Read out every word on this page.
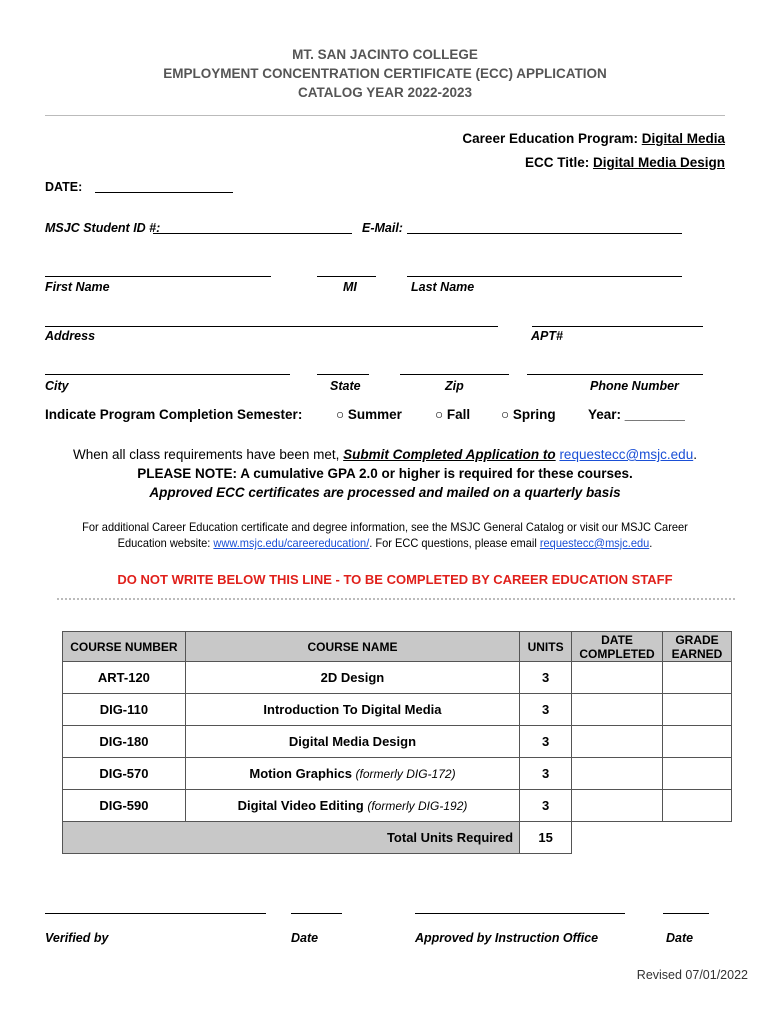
MT. SAN JACINTO COLLEGE
EMPLOYMENT CONCENTRATION CERTIFICATE (ECC) APPLICATION
CATALOG YEAR 2022-2023
Career Education Program: Digital Media
ECC Title: Digital Media Design
DATE:
MSJC Student ID #:	E-Mail:
First Name	MI	Last Name
Address	APT#
City	State	Zip	Phone Number
Indicate Program Completion Semester: ○ Summer ○ Fall ○ Spring Year: ________
When all class requirements have been met, Submit Completed Application to requestecc@msjc.edu.
PLEASE NOTE: A cumulative GPA 2.0 or higher is required for these courses.
Approved ECC certificates are processed and mailed on a quarterly basis
For additional Career Education certificate and degree information, see the MSJC General Catalog or visit our MSJC Career
Education website: www.msjc.edu/careereducation/. For ECC questions, please email requestecc@msjc.edu.
DO NOT WRITE BELOW THIS LINE - TO BE COMPLETED BY CAREER EDUCATION STAFF
COURSE NUMBER	COURSE NAME	UNITS	DATE COMPLETED	GRADE EARNED
ART-120	2D Design	3		
DIG-110	Introduction To Digital Media	3		
DIG-180	Digital Media Design	3		
DIG-570	Motion Graphics (formerly DIG-172)	3		
DIG-590	Digital Video Editing (formerly DIG-192)	3		
Total Units Required		15		
Verified by	Date	Approved by Instruction Office	Date
Revised 07/01/2022
